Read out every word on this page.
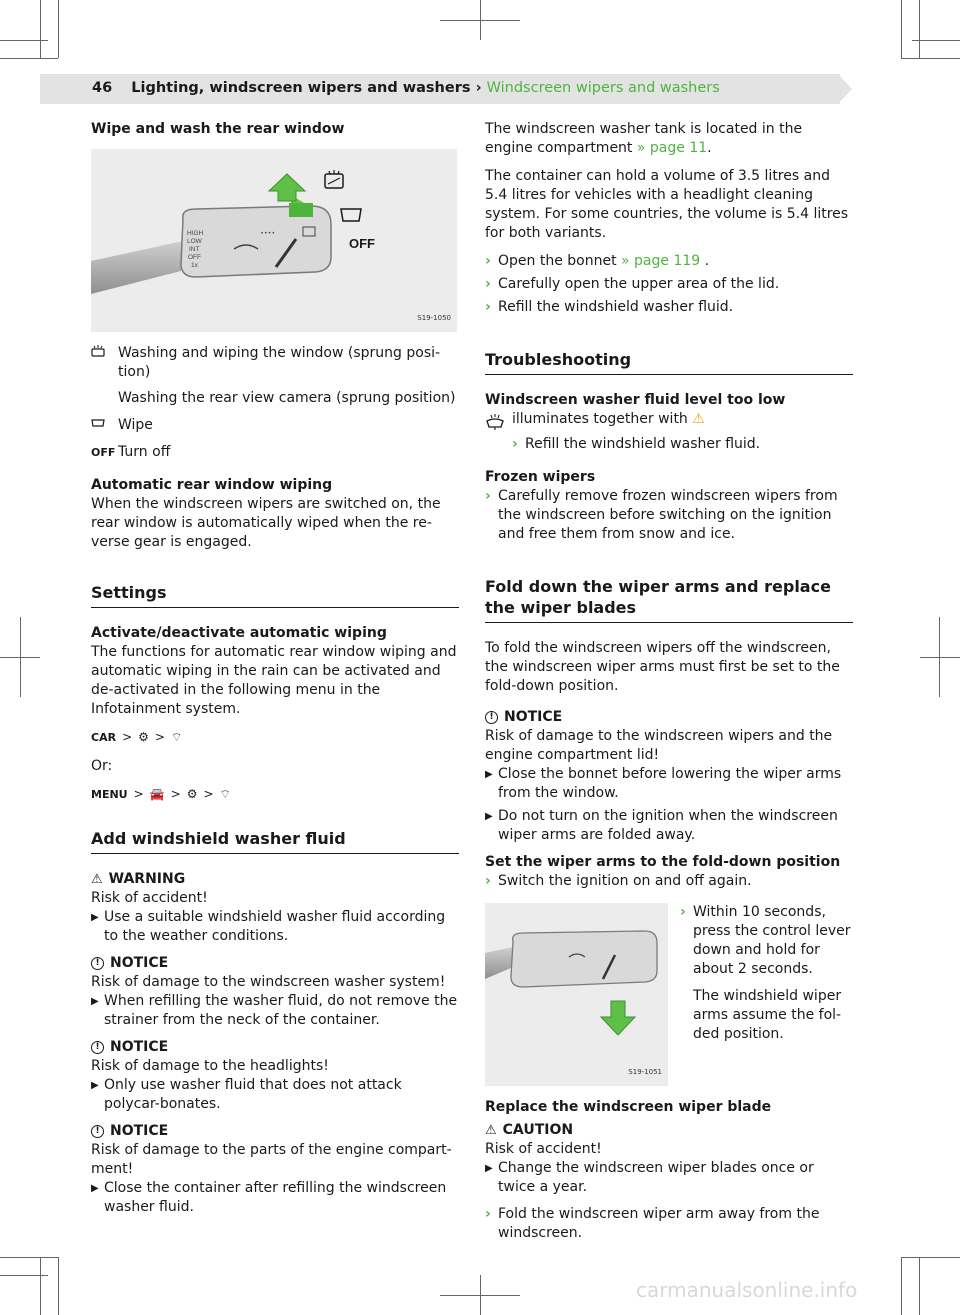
46 Lighting, windscreen wipers and washers › Windscreen wipers and washers
Wipe and wash the rear window
OFF
HIGH
LOW
INT
OFF
1x
• • • •
S19-1050
Washing and wiping the window (sprung posi-tion)
Washing the rear view camera (sprung position)
Wipe
OFF Turn off
Automatic rear window wiping
When the windscreen wipers are switched on, the rear window is automatically wiped when the re-verse gear is engaged.
Settings
Activate/deactivate automatic wiping
The functions for automatic rear window wiping and automatic wiping in the rain can be activated and de-activated in the following menu in the Infotainment system.
CAR > ⚙ > ⌔
Or:
MENU > 🚘 > ⚙ > ⌔
Add windshield washer fluid
⚠ WARNING
Risk of accident!
▶ Use a suitable windshield washer fluid according to the weather conditions.
! NOTICE
Risk of damage to the windscreen washer system!
▶ When refilling the washer fluid, do not remove the strainer from the neck of the container.
! NOTICE
Risk of damage to the headlights!
▶ Only use washer fluid that does not attack polycar-bonates.
! NOTICE
Risk of damage to the parts of the engine compart-ment!
▶ Close the container after refilling the windscreen washer fluid.
The windscreen washer tank is located in the engine compartment » page 11.
The container can hold a volume of 3.5 litres and 5.4 litres for vehicles with a headlight cleaning system. For some countries, the volume is 5.4 litres for both variants.
› Open the bonnet » page 119 .
› Carefully open the upper area of the lid.
› Refill the windshield washer fluid.
Troubleshooting
Windscreen washer fluid level too low
illuminates together with ⚠
› Refill the windshield washer fluid.
Frozen wipers
› Carefully remove frozen windscreen wipers from the windscreen before switching on the ignition and free them from snow and ice.
Fold down the wiper arms and replace the wiper blades
To fold the windscreen wipers off the windscreen, the windscreen wiper arms must first be set to the fold-down position.
! NOTICE
Risk of damage to the windscreen wipers and the engine compartment lid!
▶ Close the bonnet before lowering the wiper arms from the window.
▶ Do not turn on the ignition when the windscreen wiper arms are folded away.
Set the wiper arms to the fold-down position
› Switch the ignition on and off again.
S19-1051
› Within 10 seconds, press the control lever down and hold for about 2 seconds.
The windshield wiper arms assume the fol-ded position.
Replace the windscreen wiper blade
⚠ CAUTION
Risk of accident!
▶ Change the windscreen wiper blades once or twice a year.
› Fold the windscreen wiper arm away from the windscreen.
carmanualsonline.info
